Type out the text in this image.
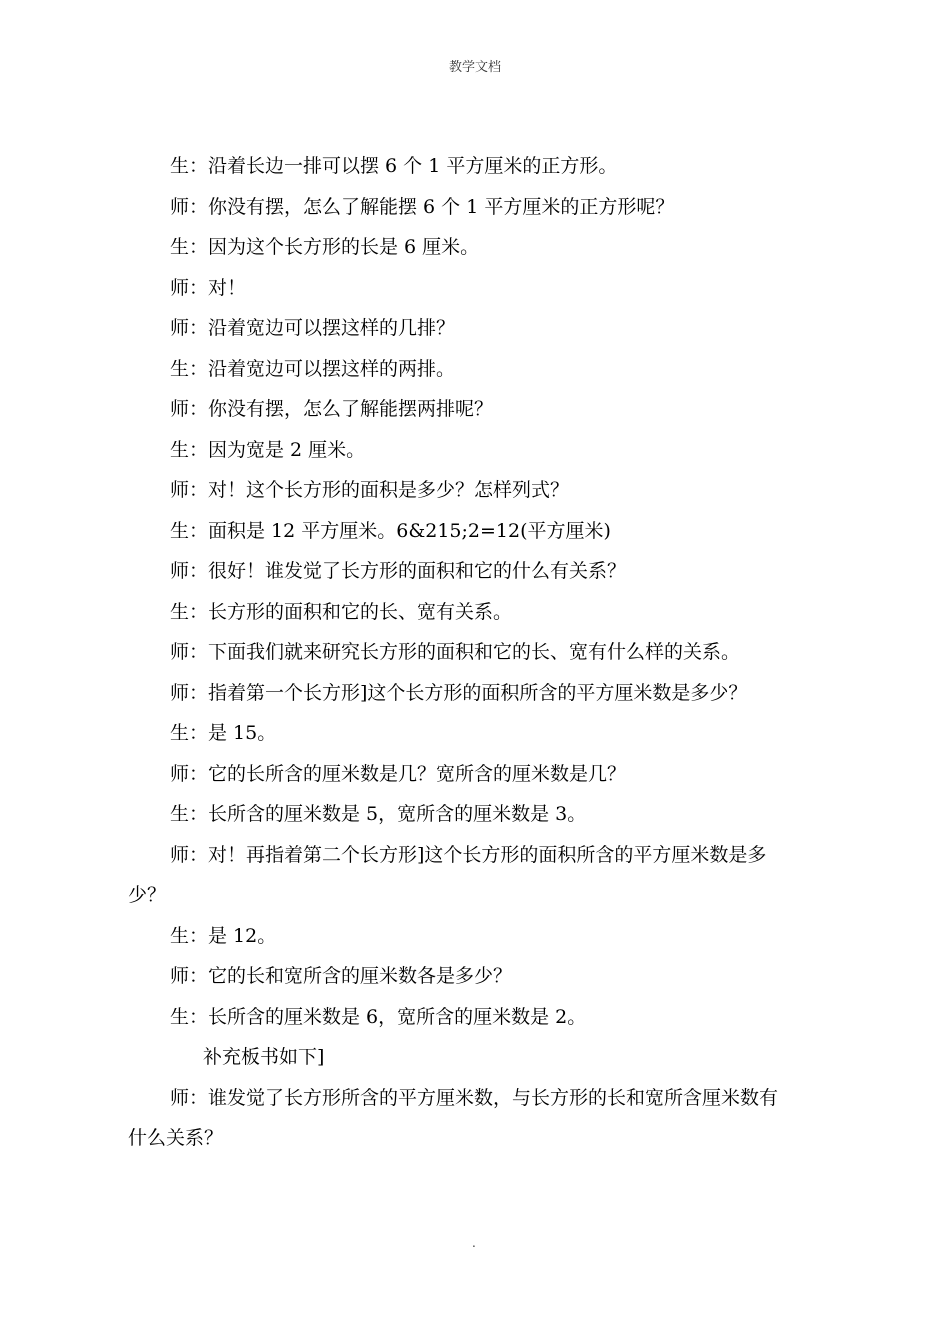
教学文档
生：沿着长边一排可以摆 6 个 1 平方厘米的正方形。
师：你没有摆，怎么了解能摆 6 个 1 平方厘米的正方形呢？
生：因为这个长方形的长是 6 厘米。
师：对！
师：沿着宽边可以摆这样的几排？
生：沿着宽边可以摆这样的两排。
师：你没有摆，怎么了解能摆两排呢？
生：因为宽是 2 厘米。
师：对！这个长方形的面积是多少？怎样列式？
生：面积是 12 平方厘米。6&215;2=12(平方厘米)
师：很好！谁发觉了长方形的面积和它的什么有关系？
生：长方形的面积和它的长、宽有关系。
师：下面我们就来研究长方形的面积和它的长、宽有什么样的关系。
师：指着第一个长方形]这个长方形的面积所含的平方厘米数是多少？
生：是 15。
师：它的长所含的厘米数是几？宽所含的厘米数是几？
生：长所含的厘米数是 5，宽所含的厘米数是 3。
师：对！再指着第二个长方形]这个长方形的面积所含的平方厘米数是多
少？
生：是 12。
师：它的长和宽所含的厘米数各是多少？
生：长所含的厘米数是 6，宽所含的厘米数是 2。
补充板书如下]
师：谁发觉了长方形所含的平方厘米数，与长方形的长和宽所含厘米数有
什么关系？
.
